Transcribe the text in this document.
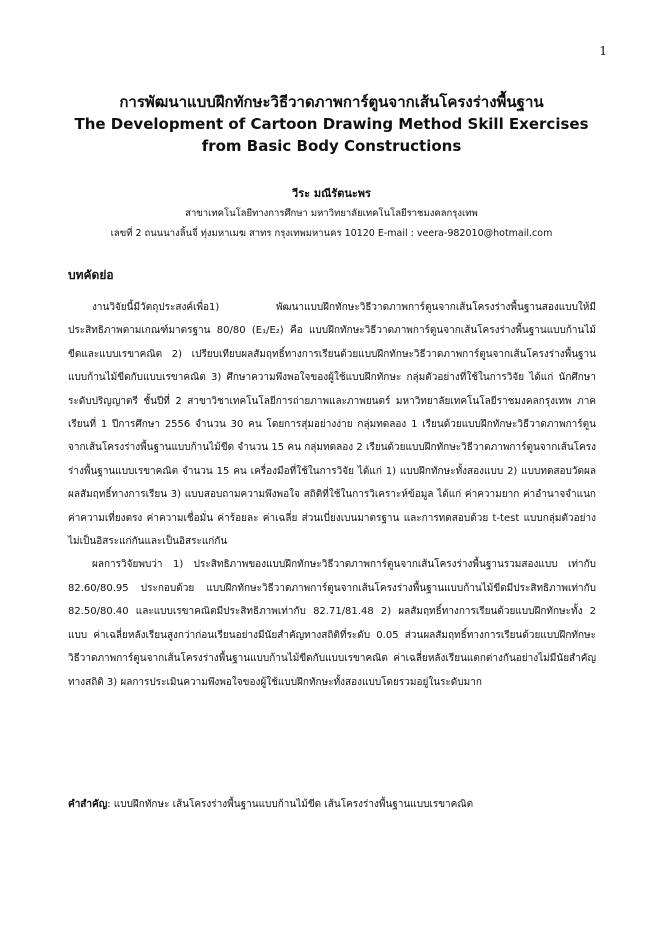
1
การพัฒนาแบบฝึกทักษะวิธีวาดภาพการ์ตูนจากเส้นโครงร่างพื้นฐาน
The Development of Cartoon Drawing Method Skill Exercises
from Basic Body Constructions
วีระ มณีรัตนะพร
สาขาเทคโนโลยีทางการศึกษา มหาวิทยาลัยเทคโนโลยีราชมงคลกรุงเทพ
เลขที่ 2 ถนนนางลิ้นจี่ ทุ่งมหาเมฆ สาทร กรุงเทพมหานคร 10120 E-mail : veera-982010@hotmail.com
บทคัดย่อ

งานวิจัยนี้มีวัตถุประสงค์เพื่อ1) พัฒนาแบบฝึกทักษะวิธีวาดภาพการ์ตูนจากเส้นโครงร่างพื้นฐานสองแบบให้มีประสิทธิภาพตามเกณฑ์มาตรฐาน 80/80 (E₁/E₂) คือ แบบฝึกทักษะวิธีวาดภาพการ์ตูนจากเส้นโครงร่างพื้นฐานแบบก้านไม้ขีดและแบบเรขาคณิต 2) เปรียบเทียบผลสัมฤทธิ์ทางการเรียนด้วยแบบฝึกทักษะวิธีวาดภาพการ์ตูนจากเส้นโครงร่างพื้นฐานแบบก้านไม้ขีดกับแบบเรขาคณิต 3) ศึกษาความพึงพอใจของผู้ใช้แบบฝึกทักษะ กลุ่มตัวอย่างที่ใช้ในการวิจัย ได้แก่ นักศึกษาระดับปริญญาตรี ชั้นปีที่ 2 สาขาวิชาเทคโนโลยีการถ่ายภาพและภาพยนตร์ มหาวิทยาลัยเทคโนโลยีราชมงคลกรุงเทพ ภาคเรียนที่ 1 ปีการศึกษา 2556 จำนวน 30 คน โดยการสุ่มอย่างง่าย กลุ่มทดลอง 1 เรียนด้วยแบบฝึกทักษะวิธีวาดภาพการ์ตูนจากเส้นโครงร่างพื้นฐานแบบก้านไม้ขีด จำนวน 15 คน กลุ่มทดลอง 2 เรียนด้วยแบบฝึกทักษะวิธีวาดภาพการ์ตูนจากเส้นโครงร่างพื้นฐานแบบเรขาคณิต จำนวน 15 คน เครื่องมือที่ใช้ในการวิจัย ได้แก่ 1) แบบฝึกทักษะทั้งสองแบบ 2) แบบทดสอบวัดผลผลสัมฤทธิ์ทางการเรียน 3) แบบสอบถามความพึงพอใจ สถิติที่ใช้ในการวิเคราะห์ข้อมูล ได้แก่ ค่าความยาก ค่าอำนาจจำแนก ค่าความเที่ยงตรง ค่าความเชื่อมั่น ค่าร้อยละ ค่าเฉลี่ย ส่วนเบี่ยงเบนมาตรฐาน และการทดสอบด้วย t-test แบบกลุ่มตัวอย่างไม่เป็นอิสระแก่กันและเป็นอิสระแก่กัน

ผลการวิจัยพบว่า 1) ประสิทธิภาพของแบบฝึกทักษะวิธีวาดภาพการ์ตูนจากเส้นโครงร่างพื้นฐานรวมสองแบบ เท่ากับ 82.60/80.95 ประกอบด้วย แบบฝึกทักษะวิธีวาดภาพการ์ตูนจากเส้นโครงร่างพื้นฐานแบบก้านไม้ขีดมีประสิทธิภาพเท่ากับ 82.50/80.40 และแบบเรขาคณิตมีประสิทธิภาพเท่ากับ 82.71/81.48 2) ผลสัมฤทธิ์ทางการเรียนด้วยแบบฝึกทักษะทั้ง 2 แบบ ค่าเฉลี่ยหลังเรียนสูงกว่าก่อนเรียนอย่างมีนัยสำคัญทางสถิติที่ระดับ 0.05 ส่วนผลสัมฤทธิ์ทางการเรียนด้วยแบบฝึกทักษะวิธีวาดภาพการ์ตูนจากเส้นโครงร่างพื้นฐานแบบก้านไม้ขีดกับแบบเรขาคณิต ค่าเฉลี่ยหลังเรียนแตกต่างกันอย่างไม่มีนัยสำคัญทางสถิติ 3) ผลการประเมินความพึงพอใจของผู้ใช้แบบฝึกทักษะทั้งสองแบบโดยรวมอยู่ในระดับมาก

คำสำคัญ: แบบฝึกทักษะ เส้นโครงร่างพื้นฐานแบบก้านไม้ขีด เส้นโครงร่างพื้นฐานแบบเรขาคณิต
